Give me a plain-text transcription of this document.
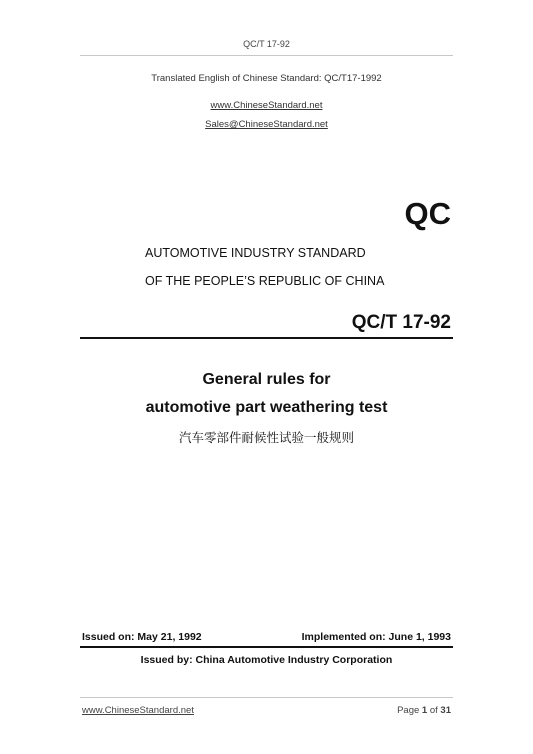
QC/T 17-92
Translated English of Chinese Standard: QC/T17-1992
www.ChineseStandard.net
Sales@ChineseStandard.net
QC
AUTOMOTIVE INDUSTRY STANDARD
OF THE PEOPLE’S REPUBLIC OF CHINA
QC/T 17-92
General rules for
automotive part weathering test
汽车零部件耐候性试验一般规则
Issued on: May 21, 1992	Implemented on: June 1, 1993
Issued by: China Automotive Industry Corporation
www.ChineseStandard.net	Page 1 of 31
